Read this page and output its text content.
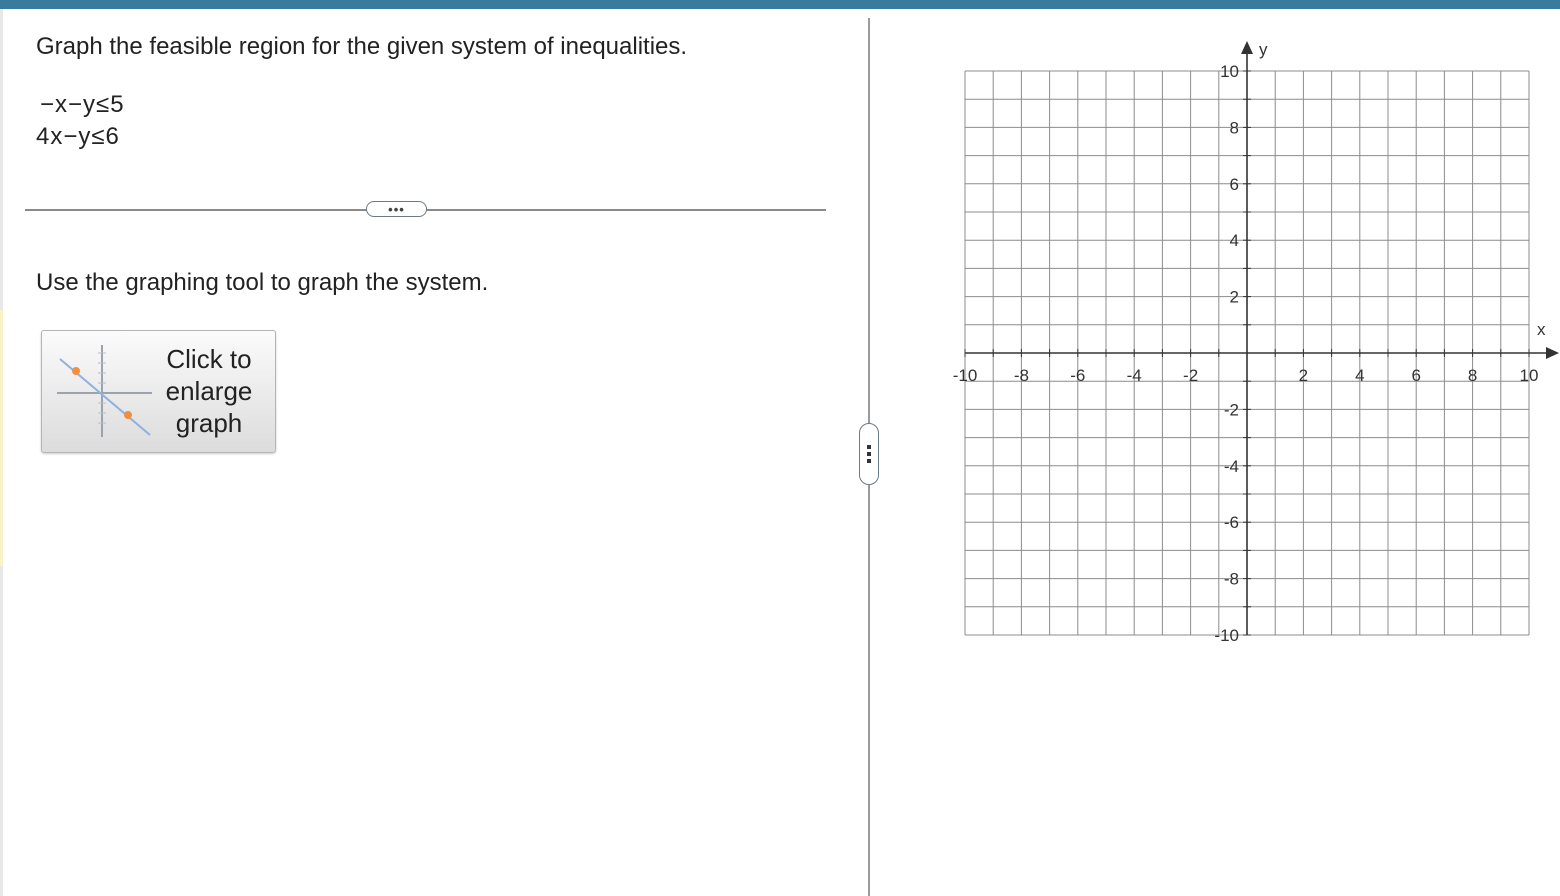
Graph the feasible region for the given system of inequalities.
−x−y≤5
4x−y≤6
•••
Use the graphing tool to graph the system.
Click to
enlarge
graph
-10 -8 -6 -4 -2	2	4	6	8 10
10
8
6
4
2
-2
-4
-6
-8
-10
x
y
